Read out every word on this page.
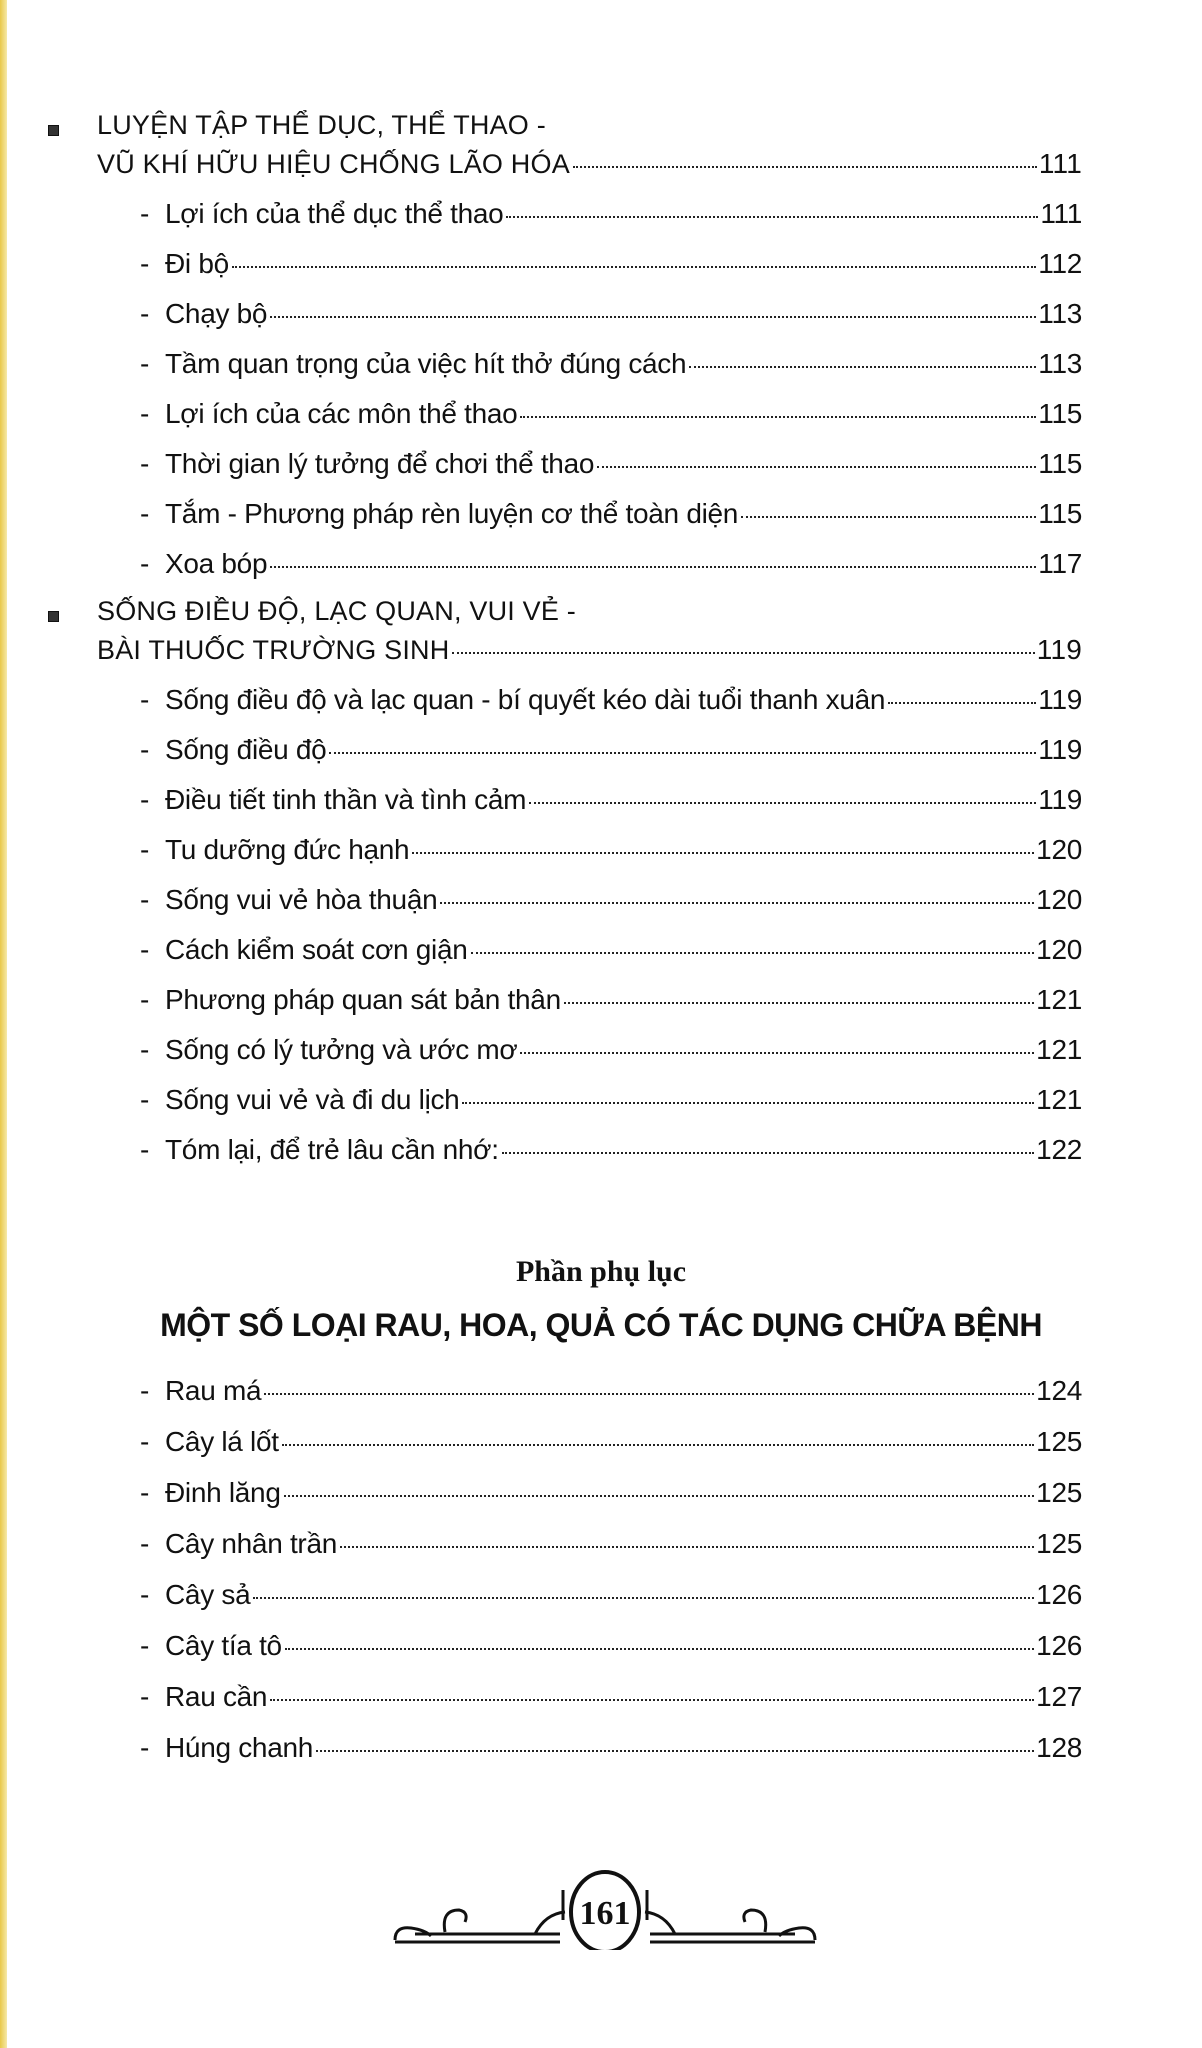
LUYỆN TẬP THỂ DỤC, THỂ THAO -
VŨ KHÍ HỮU HIỆU CHỐNG LÃO HÓA	111
- Lợi ích của thể dục thể thao	111
- Đi bộ	112
- Chạy bộ	113
- Tầm quan trọng của việc hít thở đúng cách	113
- Lợi ích của các môn thể thao	115
- Thời gian lý tưởng để chơi thể thao	115
- Tắm - Phương pháp rèn luyện cơ thể toàn diện	115
- Xoa bóp	117
SỐNG ĐIỀU ĐỘ, LẠC QUAN, VUI VẺ -
BÀI THUỐC TRƯỜNG SINH	119
- Sống điều độ và lạc quan - bí quyết kéo dài tuổi thanh xuân	119
- Sống điều độ	119
- Điều tiết tinh thần và tình cảm	119
- Tu dưỡng đức hạnh	120
- Sống vui vẻ hòa thuận	120
- Cách kiểm soát cơn giận	120
- Phương pháp quan sát bản thân	121
- Sống có lý tưởng và ước mơ	121
- Sống vui vẻ và đi du lịch	121
- Tóm lại, để trẻ lâu cần nhớ:	122
Phần phụ lục
MỘT SỐ LOẠI RAU, HOA, QUẢ CÓ TÁC DỤNG CHỮA BỆNH
- Rau má	124
- Cây lá lốt	125
- Đinh lăng	125
- Cây nhân trần	125
- Cây sả	126
- Cây tía tô	126
- Rau cần	127
- Húng chanh	128
161
